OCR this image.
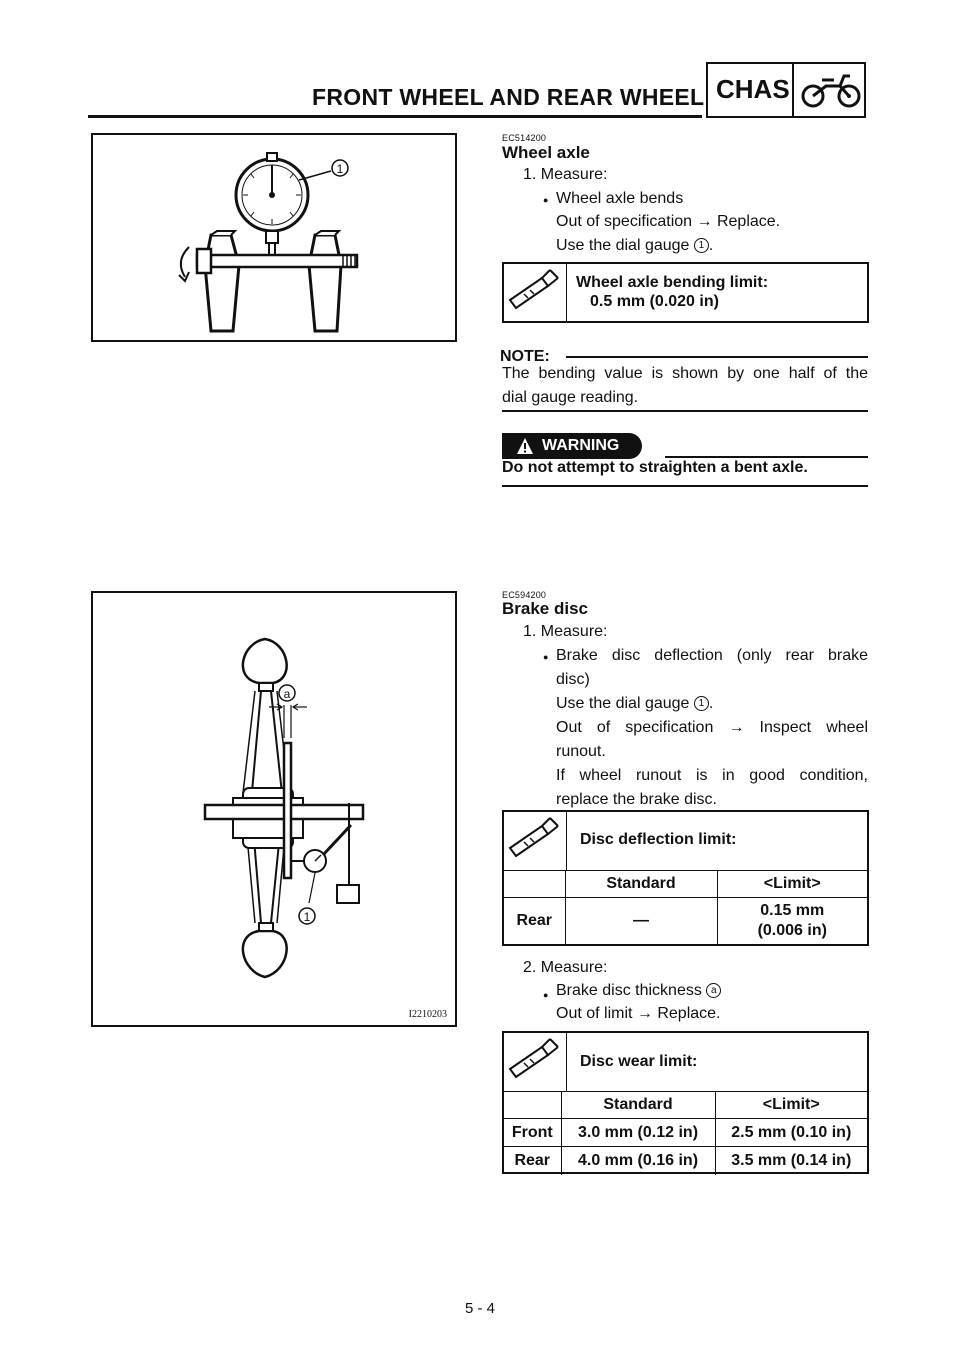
FRONT WHEEL AND REAR WHEEL CHAS
1
EC514200
Wheel axle
1. Measure:
● Wheel axle bends
Out of specification → Replace.
Use the dial gauge 1 .
Wheel axle bending limit:
0.5 mm (0.020 in)
NOTE:
The bending value is shown by one half of the
dial gauge reading.
WARNING
Do not attempt to straighten a bent axle.
a
1
I2210203
EC594200
Brake disc
1. Measure:
● Brake disc deflection (only rear brake
disc)
Use the dial gauge 1 .
Out of specification → Inspect wheel
runout.
If wheel runout is in good condition,
replace the brake disc.
Disc deflection limit:
	Standard	<Limit>
Rear	—	0.15 mm
(0.006 in)
2. Measure:
● Brake disc thickness a
Out of limit → Replace.
Disc wear limit:
	Standard	<Limit>
Front	3.0 mm (0.12 in)	2.5 mm (0.10 in)
Rear	4.0 mm (0.16 in)	3.5 mm (0.14 in)
5 - 4
